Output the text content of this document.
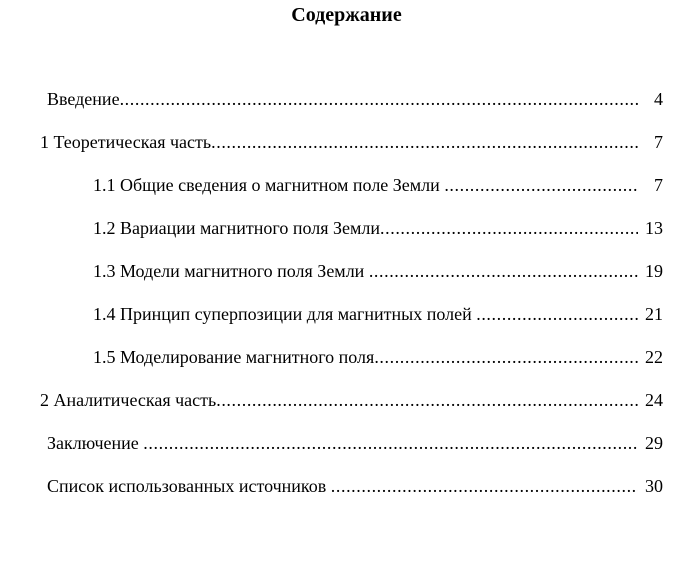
Содержание
Введение .....	4
1 Теоретическая часть .....	7
1.1 Общие сведения о магнитном поле Земли .....	7
1.2 Вариации магнитного поля Земли .....	13
1.3 Модели магнитного поля Земли .....	19
1.4 Принцип суперпозиции для магнитных полей .....	21
1.5 Моделирование магнитного поля .....	22
2 Аналитическая часть .....	24
Заключение .....	29
Список использованных источников .....	30
